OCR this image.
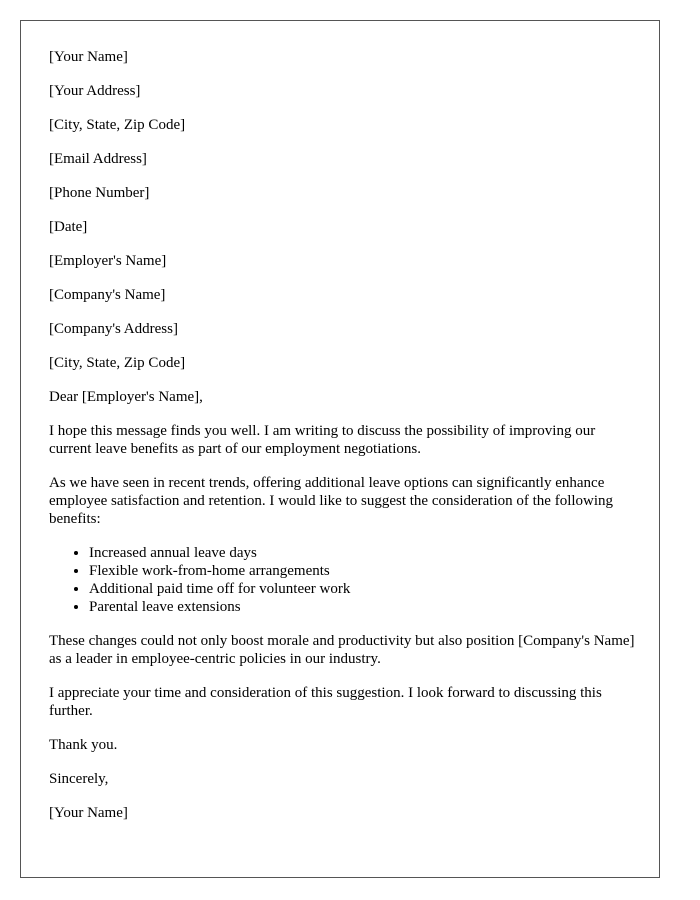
[Your Name]

[Your Address]

[City, State, Zip Code]

[Email Address]

[Phone Number]

[Date]

[Employer's Name]

[Company's Name]

[Company's Address]

[City, State, Zip Code]

Dear [Employer's Name],

I hope this message finds you well. I am writing to discuss the possibility of improving our current leave benefits as part of our employment negotiations.

As we have seen in recent trends, offering additional leave options can significantly enhance employee satisfaction and retention. I would like to suggest the consideration of the following benefits:

• Increased annual leave days
• Flexible work-from-home arrangements
• Additional paid time off for volunteer work
• Parental leave extensions

These changes could not only boost morale and productivity but also position [Company's Name] as a leader in employee-centric policies in our industry.

I appreciate your time and consideration of this suggestion. I look forward to discussing this further.

Thank you.

Sincerely,

[Your Name]
